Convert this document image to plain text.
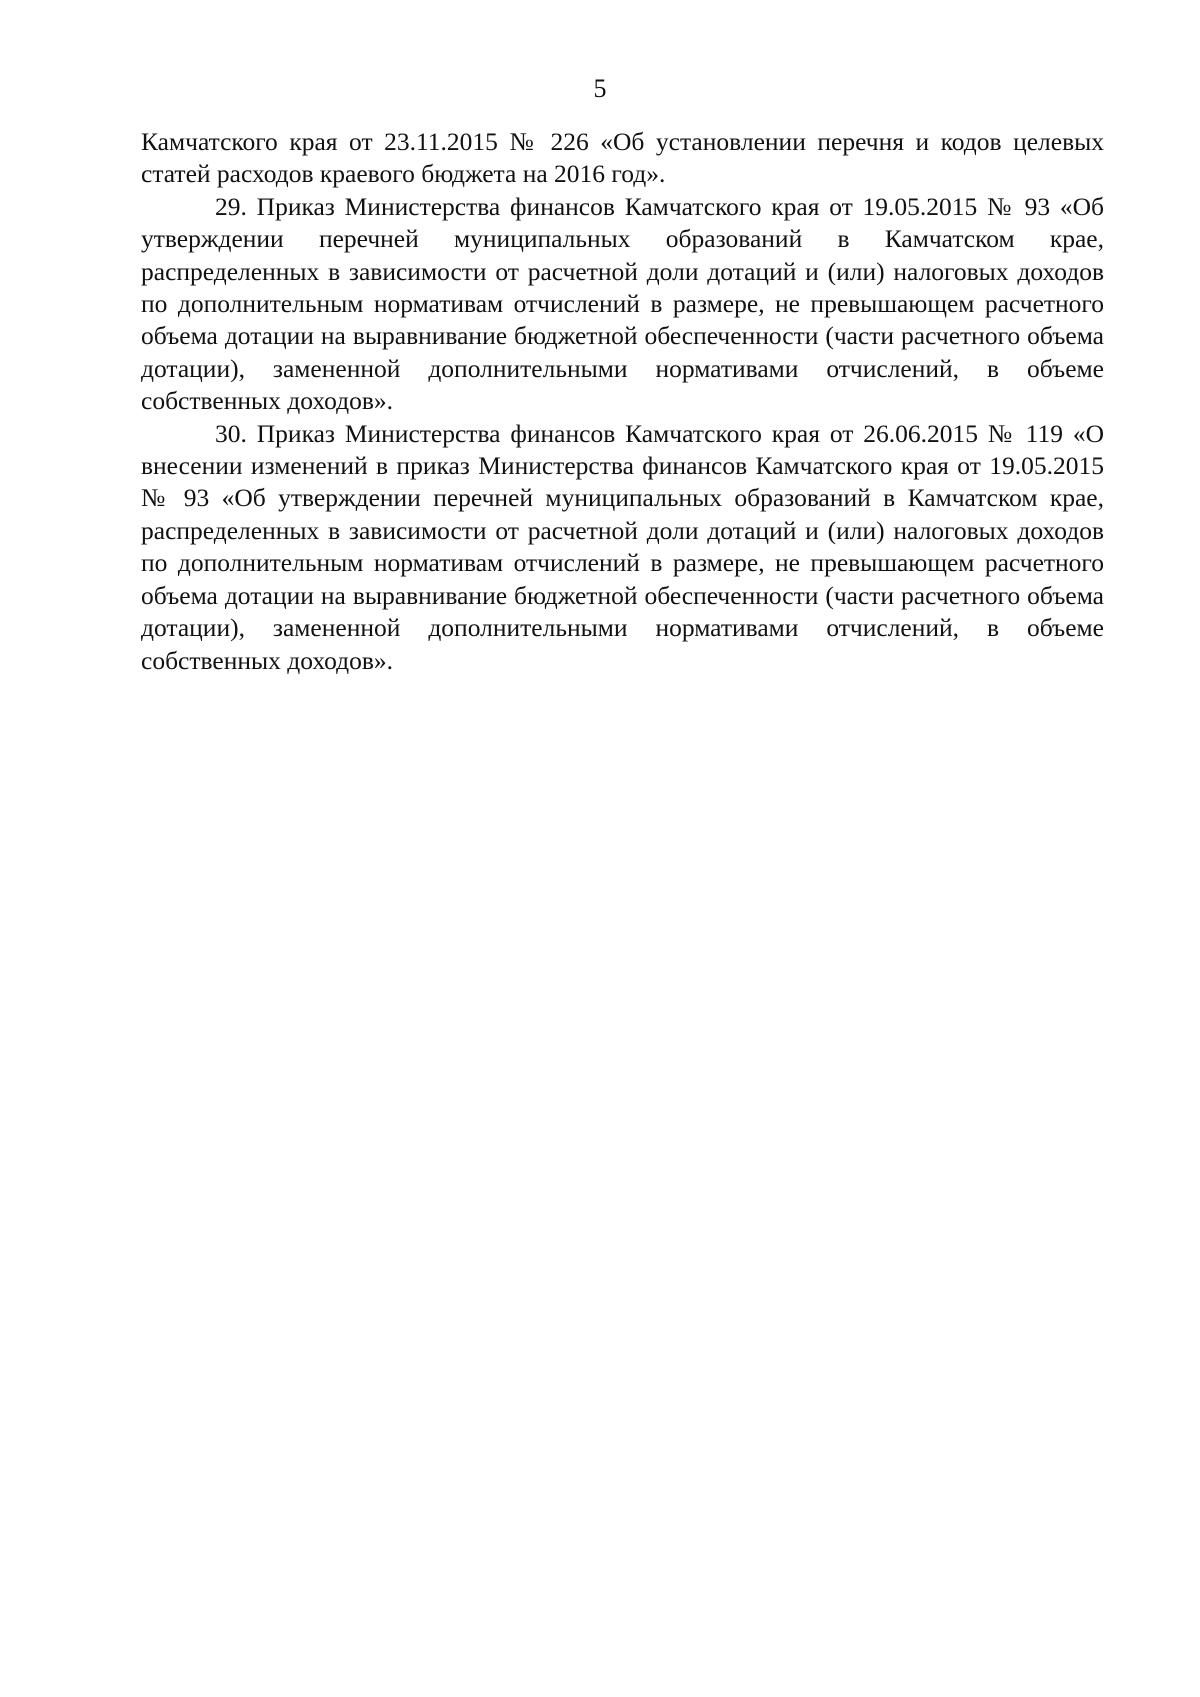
5

Камчатского края от 23.11.2015 № 226 «Об установлении перечня и кодов целевых статей расходов краевого бюджета на 2016 год».

29. Приказ Министерства финансов Камчатского края от 19.05.2015 № 93 «Об утверждении перечней муниципальных образований в Камчатском крае, распределенных в зависимости от расчетной доли дотаций и (или) налоговых доходов по дополнительным нормативам отчислений в размере, не превышающем расчетного объема дотации на выравнивание бюджетной обеспеченности (части расчетного объема дотации), замененной дополнительными нормативами отчислений, в объеме собственных доходов».

30. Приказ Министерства финансов Камчатского края от 26.06.2015 № 119 «О внесении изменений в приказ Министерства финансов Камчатского края от 19.05.2015 № 93 «Об утверждении перечней муниципальных образований в Камчатском крае, распределенных в зависимости от расчетной доли дотаций и (или) налоговых доходов по дополнительным нормативам отчислений в размере, не превышающем расчетного объема дотации на выравнивание бюджетной обеспеченности (части расчетного объема дотации), замененной дополнительными нормативами отчислений, в объеме собственных доходов».
